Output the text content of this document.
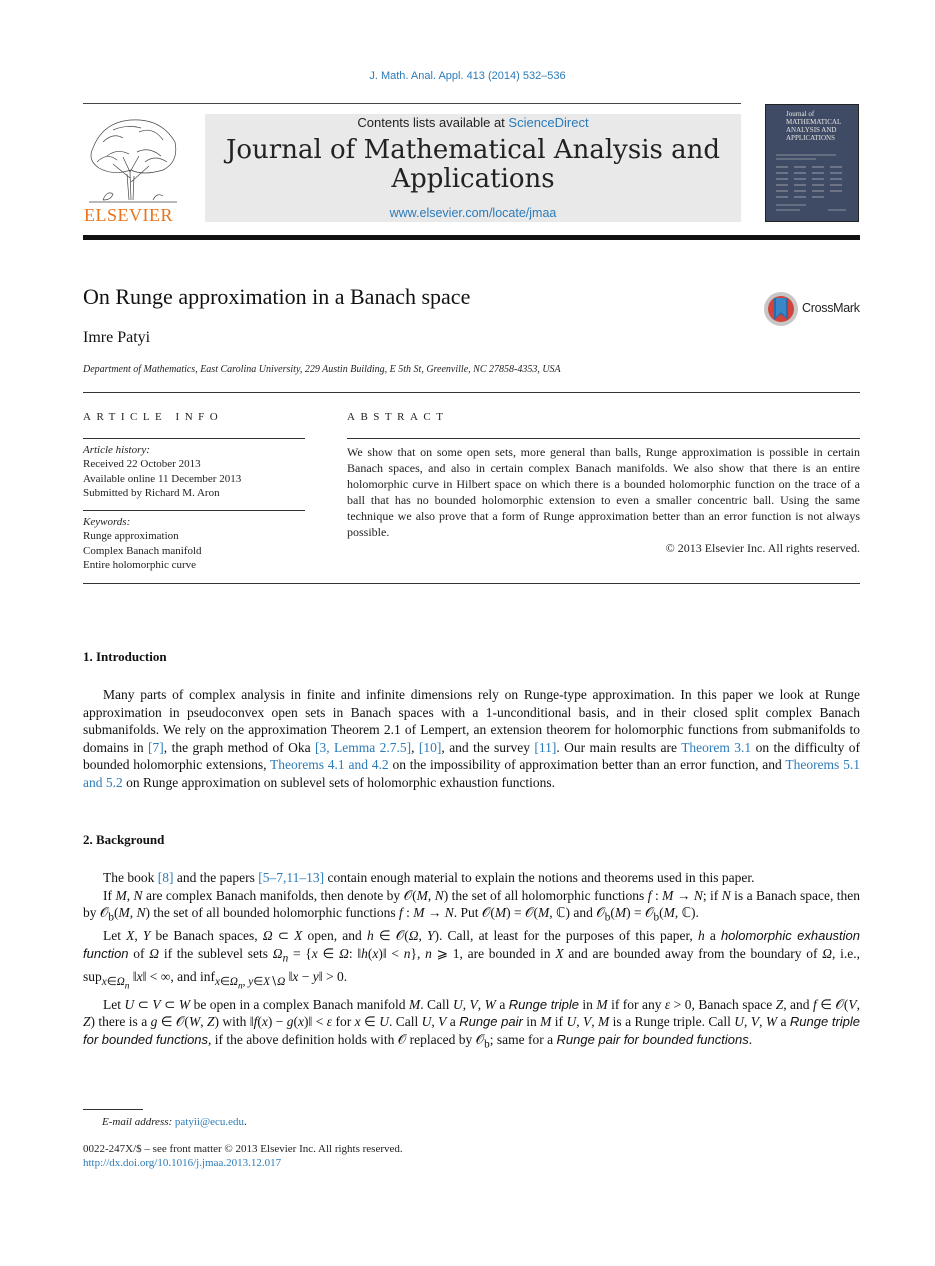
J. Math. Anal. Appl. 413 (2014) 532–536
ELSEVIER
Contents lists available at ScienceDirect
Journal of Mathematical Analysis and
Applications
www.elsevier.com/locate/jmaa
Journal of MATHEMATICAL ANALYSIS AND APPLICATIONS
On Runge approximation in a Banach space	CrossMark
Imre Patyi
Department of Mathematics, East Carolina University, 229 Austin Building, E 5th St, Greenville, NC 27858-4353, USA
ARTICLE INFO
Article history:
Received 22 October 2013
Available online 11 December 2013
Submitted by Richard M. Aron
Keywords:
Runge approximation
Complex Banach manifold
Entire holomorphic curve
ABSTRACT
We show that on some open sets, more general than balls, Runge approximation is possible in certain Banach spaces, and also in certain complex Banach manifolds. We also show that there is an entire holomorphic curve in Hilbert space on which there is a bounded holomorphic function on the trace of a ball that has no bounded holomorphic extension to even a smaller concentric ball. Using the same technique we also prove that a form of Runge approximation better than an error function is not always possible.
© 2013 Elsevier Inc. All rights reserved.
1. Introduction

Many parts of complex analysis in finite and infinite dimensions rely on Runge-type approximation. In this paper we look at Runge approximation in pseudoconvex open sets in Banach spaces with a 1-unconditional basis, and in their closed split complex Banach submanifolds. We rely on the approximation Theorem 2.1 of Lempert, an extension theorem for holomorphic functions from submanifolds to domains in [7], the graph method of Oka [3, Lemma 2.7.5], [10], and the survey [11]. Our main results are Theorem 3.1 on the difficulty of bounded holomorphic extensions, Theorems 4.1 and 4.2 on the impossibility of approximation better than an error function, and Theorems 5.1 and 5.2 on Runge approximation on sublevel sets of holomorphic exhaustion functions.

2. Background

The book [8] and the papers [5–7,11–13] contain enough material to explain the notions and theorems used in this paper.

If M, N are complex Banach manifolds, then denote by 𝒪(M, N) the set of all holomorphic functions f : M → N; if N is a Banach space, then by 𝒪$_b$(M, N) the set of all bounded holomorphic functions f : M → N. Put 𝒪(M) = 𝒪(M, ℂ) and 𝒪$_b$(M) = 𝒪$_b$(M, ℂ).

Let X, Y be Banach spaces, Ω ⊂ X open, and h ∈ 𝒪(Ω, Y). Call, at least for the purposes of this paper, h a holomorphic exhaustion function of Ω if the sublevel sets $\Omega_n = \{x$ ∈ Ω: ‖h(x)‖ < n}, n ⩾ 1, are bounded in X and are bounded away from the boundary of Ω, i.e., sup$_{x\in\Omega_n}$ ‖x‖ < ∞, and inf$_{x\in\Omega_n, y\in X∖\Omega}$ ‖x − y‖ > 0.

Let U ⊂ V ⊂ W be open in a complex Banach manifold M. Call U, V, W a Runge triple in M if for any ε > 0, Banach space Z, and f ∈ 𝒪(V, Z) there is a g ∈ 𝒪(W, Z) with ‖f(x) − g(x)‖ < ε for x ∈ U. Call U, V a Runge pair in M if U, V, M is a Runge triple. Call U, V, W a Runge triple for bounded functions, if the above definition holds with 𝒪 replaced by 𝒪$_b$; same for a Runge pair for bounded functions.

E-mail address: patyii@ecu.edu.
0022-247X/$ – see front matter © 2013 Elsevier Inc. All rights reserved.
http://dx.doi.org/10.1016/j.jmaa.2013.12.017
